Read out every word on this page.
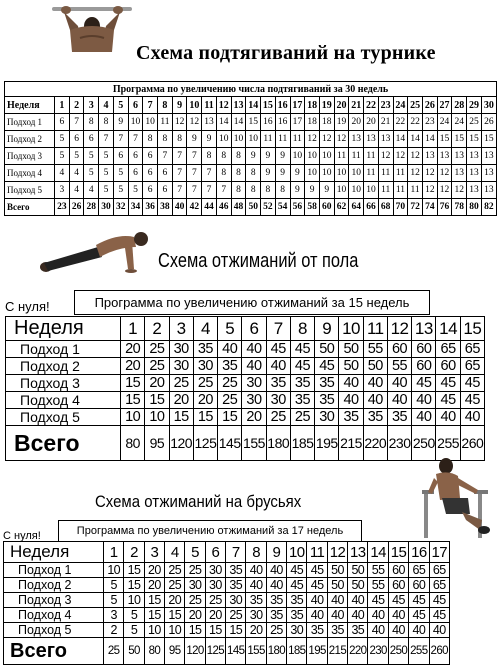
Схема подтягиваний на турнике
Программа по увеличению числа подтягиваний за 30 недель																														
Неделя	1	2	3	4	5	6	7	8	9	10	11	12	13	14	15	16	17	18	19	20	21	22	23	24	25	26	27	28	29	30
Подход 1	6	7	8	8	9	10	10	11	12	12	13	14	14	15	16	16	17	18	18	19	20	20	21	22	22	23	24	24	25	26
Подход 2	5	6	6	7	7	7	8	8	8	9	9	10	10	10	11	11	11	12	12	12	13	13	13	14	14	14	15	15	15	15
Подход 3	5	5	5	5	6	6	6	7	7	7	8	8	8	9	9	9	10	10	10	11	11	11	12	12	12	13	13	13	13	13
Подход 4	4	4	5	5	5	6	6	6	7	7	7	8	8	8	9	9	9	10	10	10	10	11	11	11	12	12	12	13	13	13
Подход 5	3	4	4	5	5	5	6	6	7	7	7	7	8	8	8	8	9	9	9	10	10	10	11	11	11	12	12	12	13	13
Всего	23	26	28	30	32	34	36	38	40	42	44	46	48	50	52	54	56	58	60	62	64	66	68	70	72	74	76	78	80	82
Схема отжиманий от пола
С нуля!	Программа по увеличению отжиманий за 15 недель
Неделя	1	2	3	4	5	6	7	8	9	10	11	12	13	14	15
Подход 1	20	25	30	35	40	40	45	45	50	50	55	60	60	65	65
Подход 2	20	25	30	30	35	40	40	45	45	50	50	55	60	60	65
Подход 3	15	20	25	25	25	30	35	35	35	40	40	40	45	45	45
Подход 4	15	15	20	20	25	30	30	35	35	40	40	40	40	45	45
Подход 5	10	10	15	15	15	20	25	25	30	35	35	35	40	40	40
Всего	80	95	120	125	145	155	180	185	195	215	220	230	250	255	260
Схема отжиманий на брусьях
С нуля!	Программа по увеличению отжиманий за 17 недель
Неделя	1	2	3	4	5	6	7	8	9	10	11	12	13	14	15	16	17
Подход 1	10	15	20	25	25	30	35	40	40	45	45	50	50	55	60	65	65
Подход 2	5	15	20	25	30	30	35	40	40	45	45	50	50	55	60	60	65
Подход 3	5	10	15	20	25	25	30	35	35	35	40	40	40	45	45	45	45
Подход 4	3	5	15	15	20	20	25	30	35	35	40	40	40	40	40	45	45
Подход 5	2	5	10	10	15	15	15	20	25	30	35	35	35	40	40	40	40
Всего	25	50	80	95	120	125	145	155	180	185	195	215	220	230	250	255	260
